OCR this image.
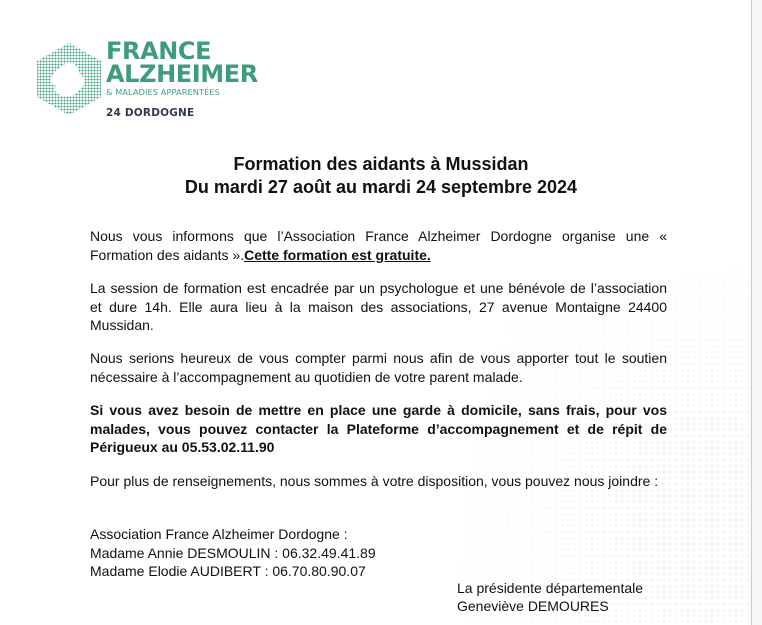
FRANCE
ALZHEIMER
& MALADIES APPARENTÉES
24 DORDOGNE
Formation des aidants à Mussidan
Du mardi 27 août au mardi 24 septembre 2024

Nous vous informons que l’Association France Alzheimer Dordogne organise une « Formation des aidants ».Cette formation est gratuite.

La session de formation est encadrée par un psychologue et une bénévole de l’association et dure 14h. Elle aura lieu à la maison des associations, 27 avenue Montaigne 24400 Mussidan.

Nous serions heureux de vous compter parmi nous afin de vous apporter tout le soutien nécessaire à l’accompagnement au quotidien de votre parent malade.

Si vous avez besoin de mettre en place une garde à domicile, sans frais, pour vos malades, vous pouvez contacter la Plateforme d’accompagnement et de répit de Périgueux au 05.53.02.11.90

Pour plus de renseignements, nous sommes à votre disposition, vous pouvez nous joindre :

Association France Alzheimer Dordogne :
Madame Annie DESMOULIN : 06.32.49.41.89
Madame Elodie AUDIBERT : 06.70.80.90.07
La présidente départementale
Geneviève DEMOURES
